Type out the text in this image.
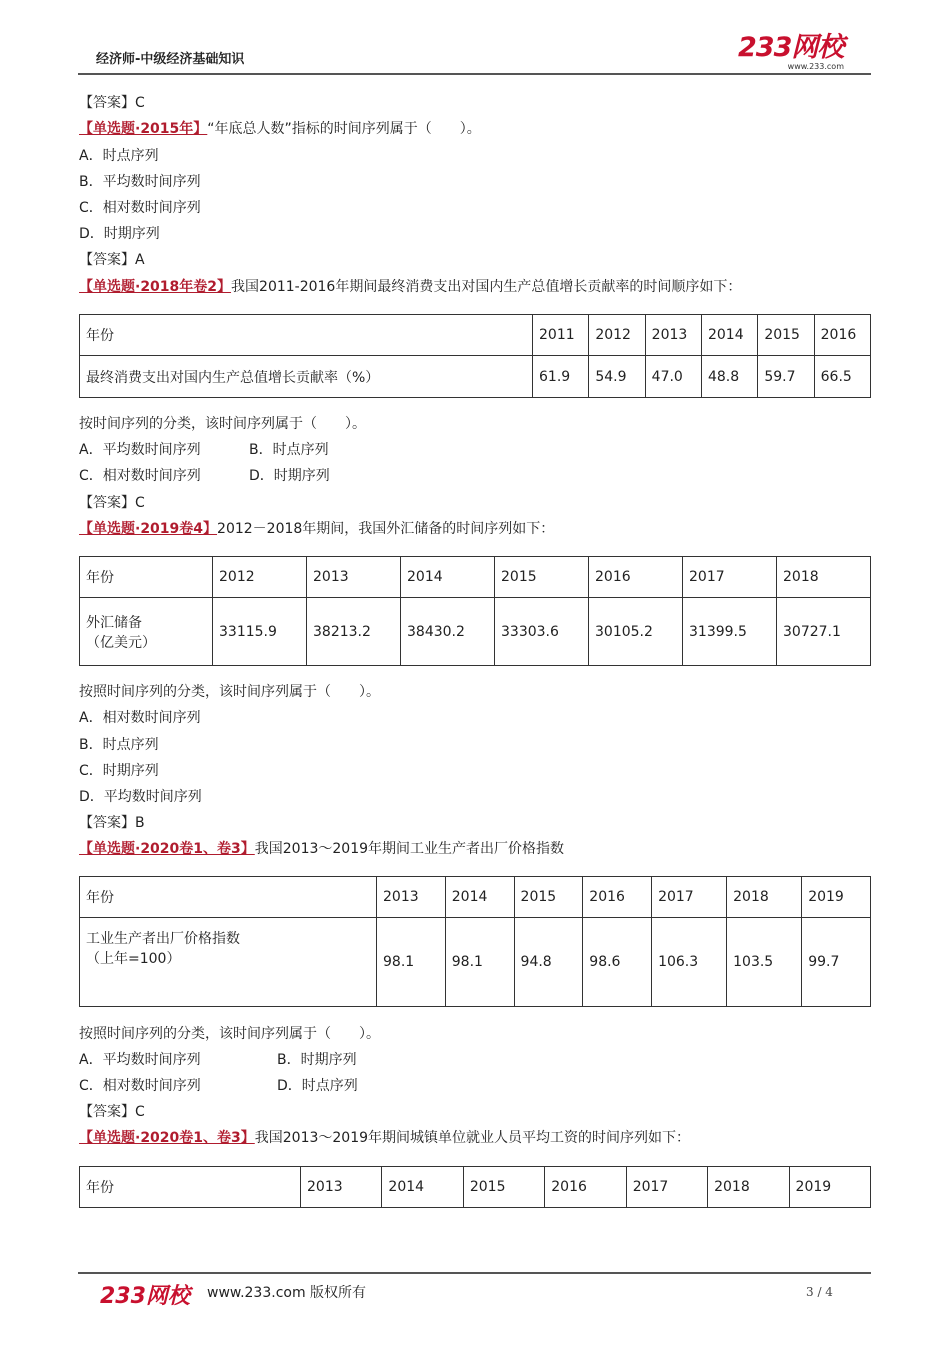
经济师-中级经济基础知识	233网校
www.233.com
【答案】C
【单选题·2015年】“年底总人数”指标的时间序列属于（　　）。
A．时点序列
B．平均数时间序列
C．相对数时间序列
D．时期序列
【答案】A
【单选题·2018年卷2】我国2011-2016年期间最终消费支出对国内生产总值增长贡献率的时间顺序如下：
年份	2011	2012	2013	2014	2015	2016
最终消费支出对国内生产总值增长贡献率（%）	61.9	54.9	47.0	48.8	59.7	66.5
按时间序列的分类，该时间序列属于（　　）。
A．平均数时间序列	B．时点序列
C．相对数时间序列	D．时期序列
【答案】C
【单选题·2019卷4】2012－2018年期间，我国外汇储备的时间序列如下：
年份	2012	2013	2014	2015	2016	2017	2018

外汇储备
（亿美元）	33115.9	38213.2	38430.2	33303.6	30105.2	31399.5	30727.1
按照时间序列的分类，该时间序列属于（　　）。
A．相对数时间序列
B．时点序列
C．时期序列
D．平均数时间序列
【答案】B
【单选题·2020卷1、卷3】我国2013～2019年期间工业生产者出厂价格指数
年份	2013	2014	2015	2016	2017	2018	2019

工业生产者出厂价格指数
（上年=100）	98.1	98.1	94.8	98.6	106.3	103.5	99.7
按照时间序列的分类，该时间序列属于（　　）。
A．平均数时间序列	B．时期序列
C．相对数时间序列	D．时点序列
【答案】C
【单选题·2020卷1、卷3】我国2013～2019年期间城镇单位就业人员平均工资的时间序列如下：
年份	2013	2014	2015	2016	2017	2018	2019
233网校 www.233.com 版权所有	3 / 4
